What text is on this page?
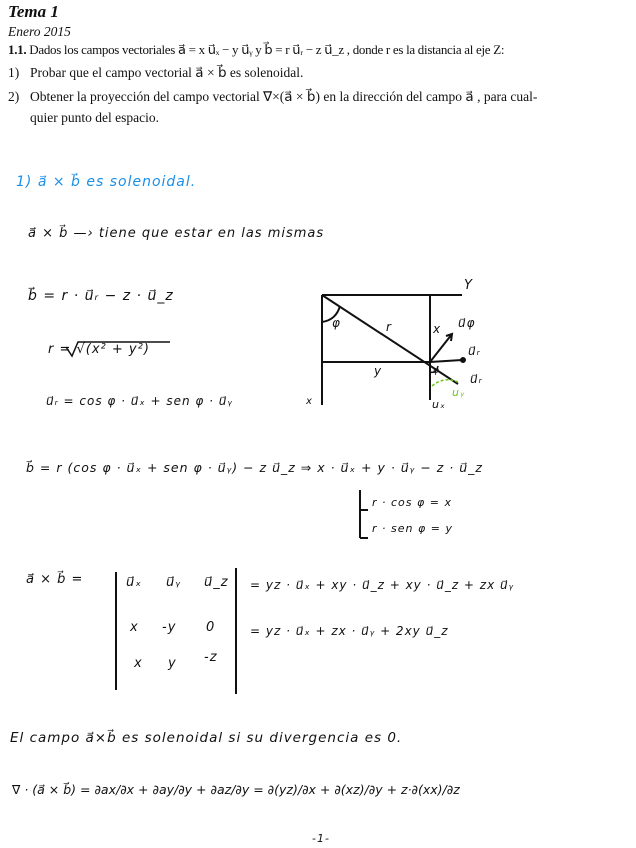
Tema 1
Enero 2015
1.1. Dados los campos vectoriales a⃗ = x u⃗ₓ − y u⃗ᵧ y b⃗ = r u⃗ᵣ − z u⃗_z , donde r es la distancia al eje Z:
1) Probar que el campo vectorial a⃗ × b⃗ es solenoidal.
2) Obtener la proyección del campo vectorial ∇×(a⃗ × b⃗) en la dirección del campo a⃗ , para cual-
quier punto del espacio.
1) a⃗ × b⃗ es solenoidal.
a⃗ × b⃗ —› tiene que estar en las mismas
b⃗ = r · u⃗ᵣ − z · u⃗_z
r = √(x² + y²)
u⃗ᵣ = cos φ · u⃗ₓ + sen φ · u⃗ᵧ
b⃗ = r (cos φ · u⃗ₓ + sen φ · u⃗ᵧ) − z u⃗_z ⇒ x · u⃗ₓ + y · u⃗ᵧ − z · u⃗_z
r · cos φ = x
r · sen φ = y
a⃗ × b⃗ =	u⃗ₓ u⃗ᵧ u⃗_z
x -y 0
x y -z
= yz · u⃗ₓ + xy · u⃗_z + xy · u⃗_z + zx u⃗ᵧ
= yz · u⃗ₓ + zx · u⃗ᵧ + 2xy u⃗_z
El campo a⃗×b⃗ es solenoidal si su divergencia es 0.
∇ · (a⃗ × b⃗) = ∂ax/∂x + ∂ay/∂y + ∂az/∂y = ∂(yz)/∂x + ∂(xz)/∂y + z·∂(xx)/∂z
-1-
Y
x
φ	r	x
y
u⃗φ
u⃗ᵣ
u⃗ᵣ
uₓ
φ
uᵧ
